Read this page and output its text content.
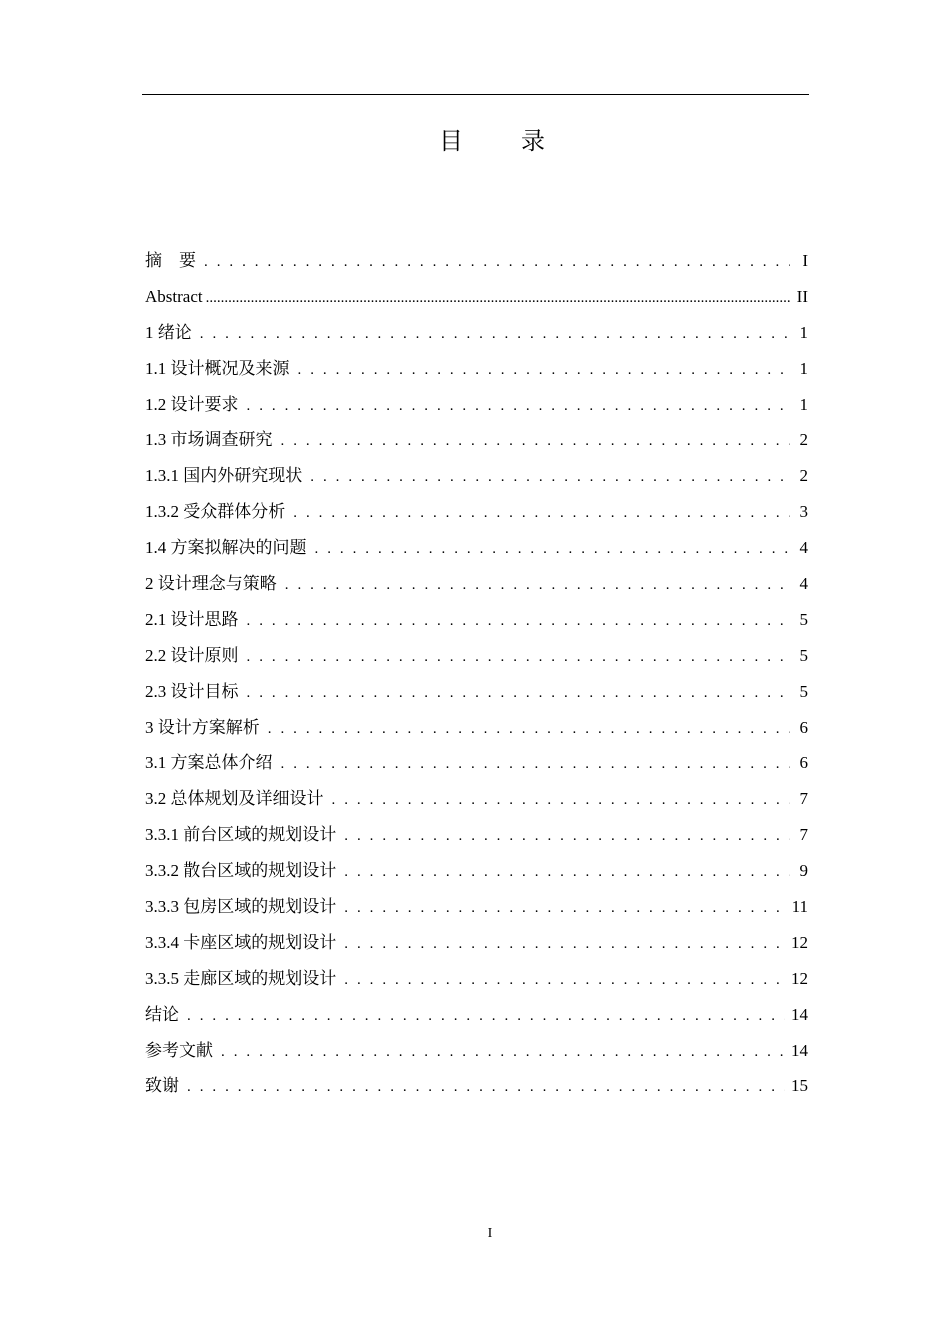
目 录
摘　要 . . .	I
Abstract .....	II
1 绪论 . . .	1
1.1 设计概况及来源 . . .	1
1.2 设计要求 . . .	1
1.3 市场调查研究 . . .	2
1.3.1 国内外研究现状 . . .	2
1.3.2 受众群体分析 . . .	3
1.4 方案拟解决的问题 . . .	4
2 设计理念与策略 . . .	4
2.1 设计思路 . . .	5
2.2 设计原则 . . .	5
2.3 设计目标 . . .	5
3 设计方案解析 . . .	6
3.1 方案总体介绍 . . .	6
3.2 总体规划及详细设计 . . .	7
3.3.1 前台区域的规划设计 . . .	7
3.3.2 散台区域的规划设计 . . .	9
3.3.3 包房区域的规划设计 . . .	11
3.3.4 卡座区域的规划设计 . . .	12
3.3.5 走廊区域的规划设计 . . .	12
结论 . . .	14
参考文献 . . .	14
致谢 . . .	15
I
